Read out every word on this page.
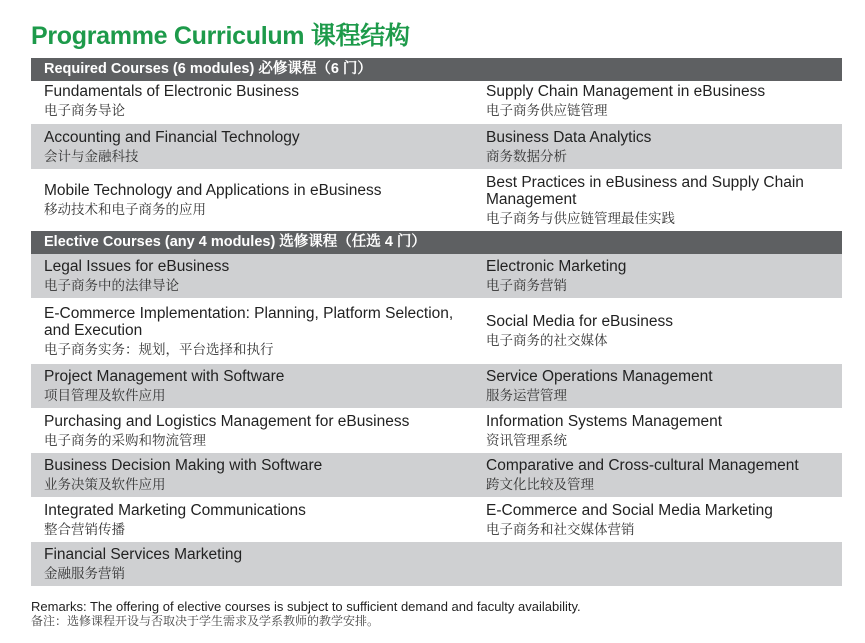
Programme Curriculum 课程结构
Required Courses (6 modules) 必修课程（6 门）
Fundamentals of Electronic Business
电子商务导论
Supply Chain Management in eBusiness
电子商务供应链管理
Accounting and Financial Technology
会计与金融科技
Business Data Analytics
商务数据分析
Mobile Technology and Applications in eBusiness
移动技术和电子商务的应用
Best Practices in eBusiness and Supply Chain Management
电子商务与供应链管理最佳实践
Elective Courses (any 4 modules) 选修课程（任选 4 门）
Legal Issues for eBusiness
电子商务中的法律导论
Electronic Marketing
电子商务营销
E-Commerce Implementation: Planning, Platform Selection, and Execution
电子商务实务：规划，平台选择和执行
Social Media for eBusiness
电子商务的社交媒体
Project Management with Software
项目管理及软件应用
Service Operations Management
服务运营管理
Purchasing and Logistics Management for eBusiness
电子商务的采购和物流管理
Information Systems Management
资讯管理系统
Business Decision Making with Software
业务决策及软件应用
Comparative and Cross-cultural Management
跨文化比较及管理
Integrated Marketing Communications
整合营销传播
E-Commerce and Social Media Marketing
电子商务和社交媒体营销
Financial Services Marketing
金融服务营销
Remarks: The offering of elective courses is subject to sufficient demand and faculty availability.
备注：选修课程开设与否取决于学生需求及学系教师的教学安排。
